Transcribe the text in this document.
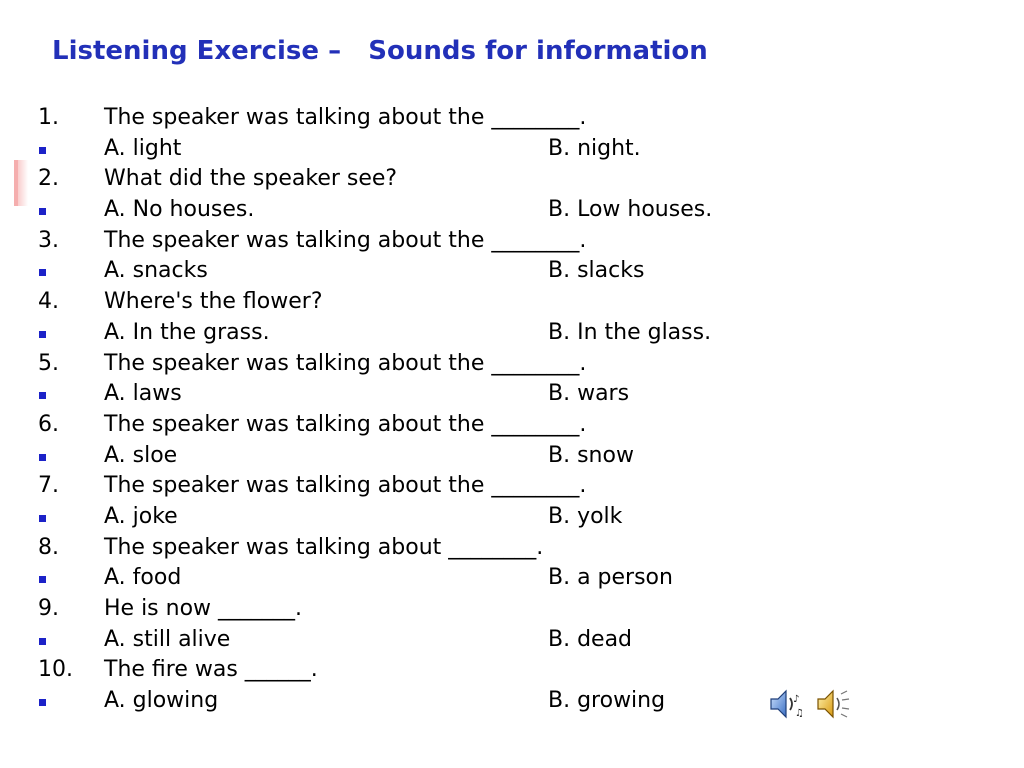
Listening Exercise –   Sounds for information
1. The speaker was talking about the ________.
A. light	B. night.
2. What did the speaker see?
A. No houses.	B. Low houses.
3. The speaker was talking about the ________.
A. snacks	B. slacks
4. Where's the flower?
A. In the grass.	B. In the glass.
5. The speaker was talking about the ________.
A. laws	B. wars
6. The speaker was talking about the ________.
A. sloe	B. snow
7. The speaker was talking about the ________.
A. joke	B. yolk
8. The speaker was talking about ________.
A. food	B. a person
9. He is now _______.
A. still alive	B. dead
10. The fire was ______.
A. glowing	B. growing	♪
♫
